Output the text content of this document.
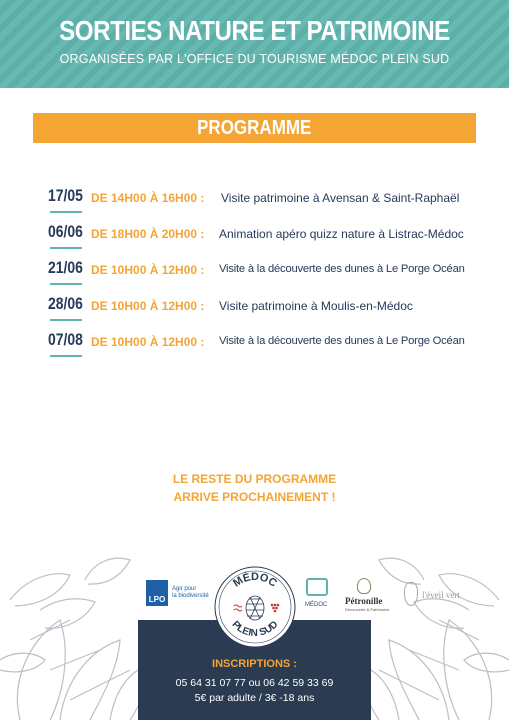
SORTIES NATURE ET PATRIMOINE
ORGANISÉES PAR L'OFFICE DU TOURISME MÉDOC PLEIN SUD
PROGRAMME
17/05 DE 14H00 À 16H00 : Visite patrimoine à Avensan & Saint-Raphaël
06/06 DE 18H00 À 20H00 : Animation apéro quizz nature à Listrac-Médoc
21/06 DE 10H00 À 12H00 : Visite à la découverte des dunes à Le Porge Océan
28/06 DE 10H00 À 12H00 : Visite patrimoine à Moulis-en-Médoc
07/08 DE 10H00 À 12H00 : Visite à la découverte des dunes à Le Porge Océan
LE RESTE DU PROGRAMME
ARRIVE PROCHAINEMENT !
LPO
Agir pour
la biodiversité
MÉDOC Pétronille
Découverte & Patrimoine
l'éveil vert
INSCRIPTIONS :
05 64 31 07 77 ou 06 42 59 33 69
5€ par adulte / 3€ -18 ans
MÉDOC
PLEIN SUD
